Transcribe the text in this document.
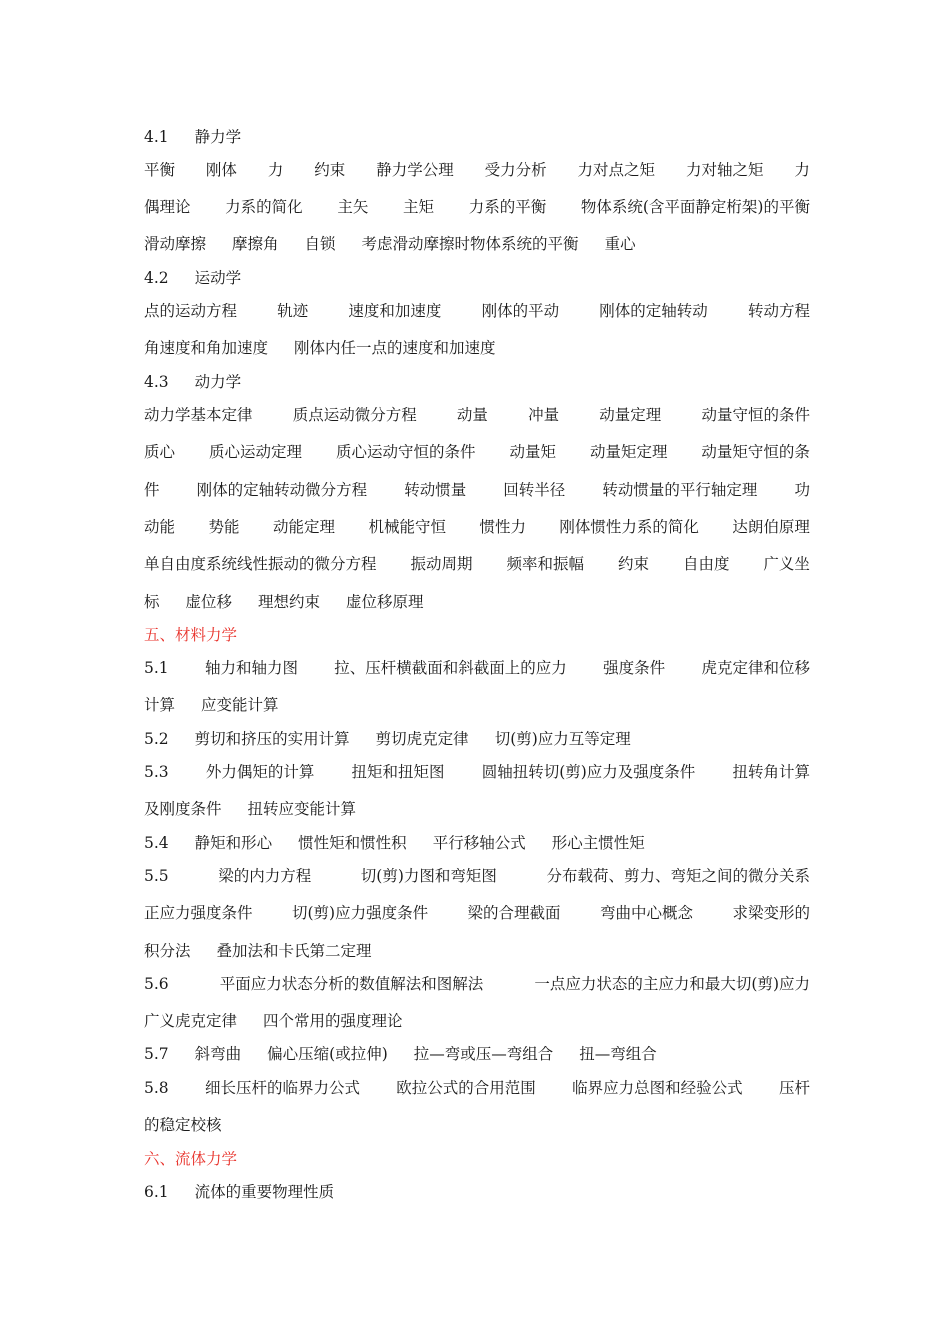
4.1 静力学
平衡 刚体 力 约束 静力学公理 受力分析 力对点之矩 力对轴之矩 力
偶理论 力系的简化 主矢 主矩 力系的平衡 物体系统(含平面静定桁架)的平衡
滑动摩擦 摩擦角 自锁 考虑滑动摩擦时物体系统的平衡 重心
4.2 运动学
点的运动方程	轨迹	速度和加速度	刚体的平动	刚体的定轴转动	转动方程
角速度和角加速度 刚体内任一点的速度和加速度
4.3 动力学
动力学基本定律	质点运动微分方程	动量	冲量	动量定理	动量守恒的条件
质心 质心运动定理 质心运动守恒的条件 动量矩 动量矩定理 动量矩守恒的条
件 刚体的定轴转动微分方程 转动惯量 回转半径 转动惯量的平行轴定理 功
动能 势能 动能定理 机械能守恒 惯性力 刚体惯性力系的简化 达朗伯原理
单自由度系统线性振动的微分方程 振动周期 频率和振幅 约束 自由度 广义坐
标 虚位移 理想约束 虚位移原理
五、材料力学
5.1 轴力和轴力图 拉、压杆横截面和斜截面上的应力 强度条件 虎克定律和位移
计算 应变能计算
5.2 剪切和挤压的实用计算 剪切虎克定律 切(剪)应力互等定理
5.3 外力偶矩的计算 扭矩和扭矩图 圆轴扭转切(剪)应力及强度条件 扭转角计算
及刚度条件 扭转应变能计算
5.4 静矩和形心 惯性矩和惯性积 平行移轴公式 形心主惯性矩
5.5	梁的内力方程	切(剪)力图和弯矩图	分布载荷、剪力、弯矩之间的微分关系
正应力强度条件	切(剪)应力强度条件	梁的合理截面	弯曲中心概念	求梁变形的
积分法 叠加法和卡氏第二定理
5.6	平面应力状态分析的数值解法和图解法	一点应力状态的主应力和最大切(剪)应力
广义虎克定律 四个常用的强度理论
5.7 斜弯曲 偏心压缩(或拉伸) 拉—弯或压—弯组合 扭—弯组合
5.8 细长压杆的临界力公式 欧拉公式的合用范围 临界应力总图和经验公式 压杆
的稳定校核
六、流体力学
6.1 流体的重要物理性质
